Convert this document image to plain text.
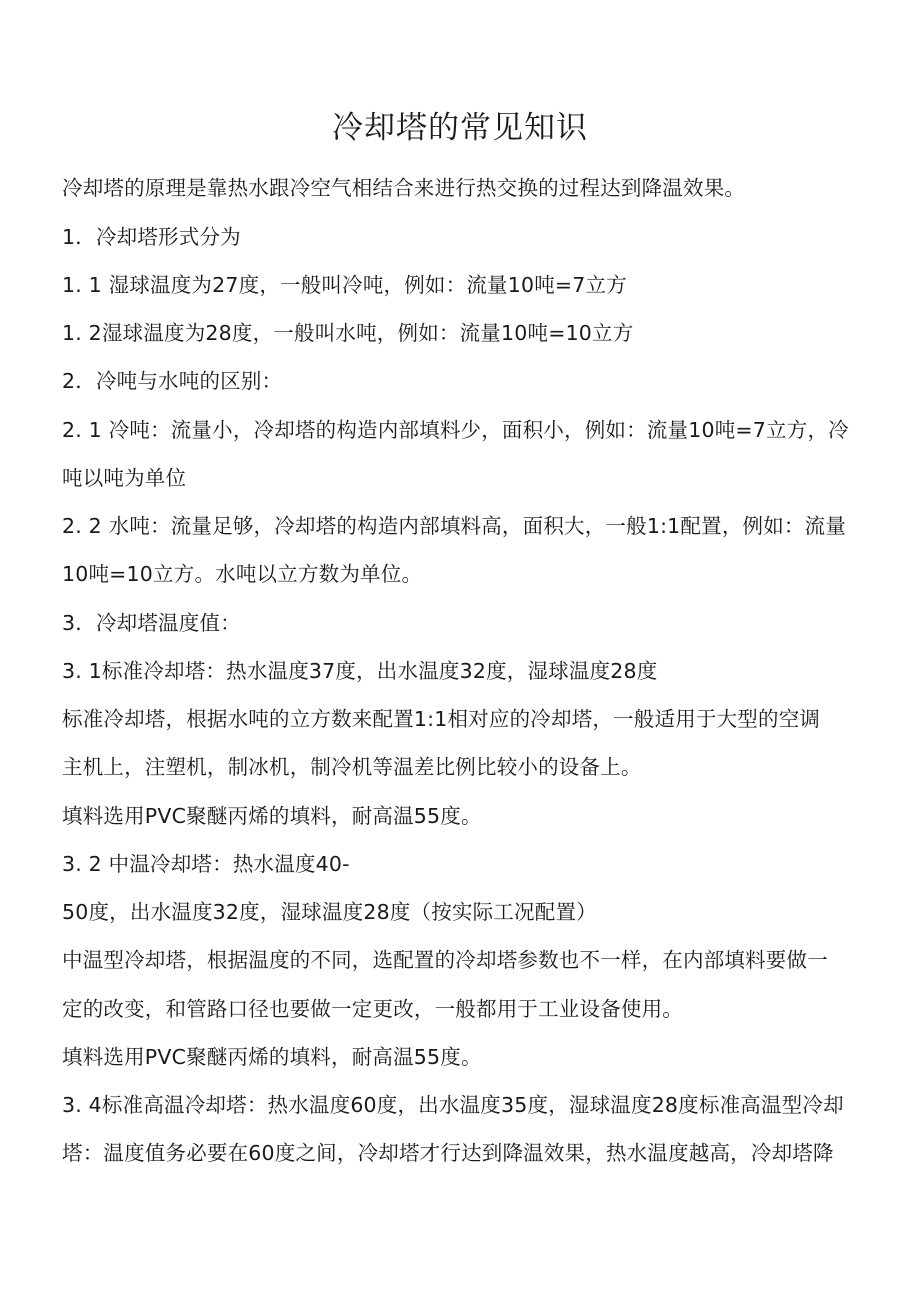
冷却塔的常见知识
冷却塔的原理是靠热水跟冷空气相结合来进行热交换的过程达到降温效果。
1．冷却塔形式分为
1. 1 湿球温度为27度，一般叫冷吨，例如：流量10吨=7立方
1. 2湿球温度为28度，一般叫水吨，例如：流量10吨=10立方
2．冷吨与水吨的区别：
2. 1 冷吨：流量小，冷却塔的构造内部填料少，面积小，例如：流量10吨=7立方，冷
吨以吨为单位
2. 2 水吨：流量足够，冷却塔的构造内部填料高，面积大，一般1:1配置，例如：流量
10吨=10立方。水吨以立方数为单位。
3．冷却塔温度值：
3. 1标准冷却塔：热水温度37度，出水温度32度，湿球温度28度
标准冷却塔，根据水吨的立方数来配置1:1相对应的冷却塔，一般适用于大型的空调
主机上，注塑机，制冰机，制冷机等温差比例比较小的设备上。
填料选用PVC聚醚丙烯的填料，耐高温55度。
3. 2 中温冷却塔：热水温度40-
50度，出水温度32度，湿球温度28度（按实际工况配置）
中温型冷却塔，根据温度的不同，选配置的冷却塔参数也不一样，在内部填料要做一
定的改变，和管路口径也要做一定更改，一般都用于工业设备使用。
填料选用PVC聚醚丙烯的填料，耐高温55度。
3. 4标准高温冷却塔：热水温度60度，出水温度35度，湿球温度28度标准高温型冷却
塔：温度值务必要在60度之间，冷却塔才行达到降温效果，热水温度越高，冷却塔降
